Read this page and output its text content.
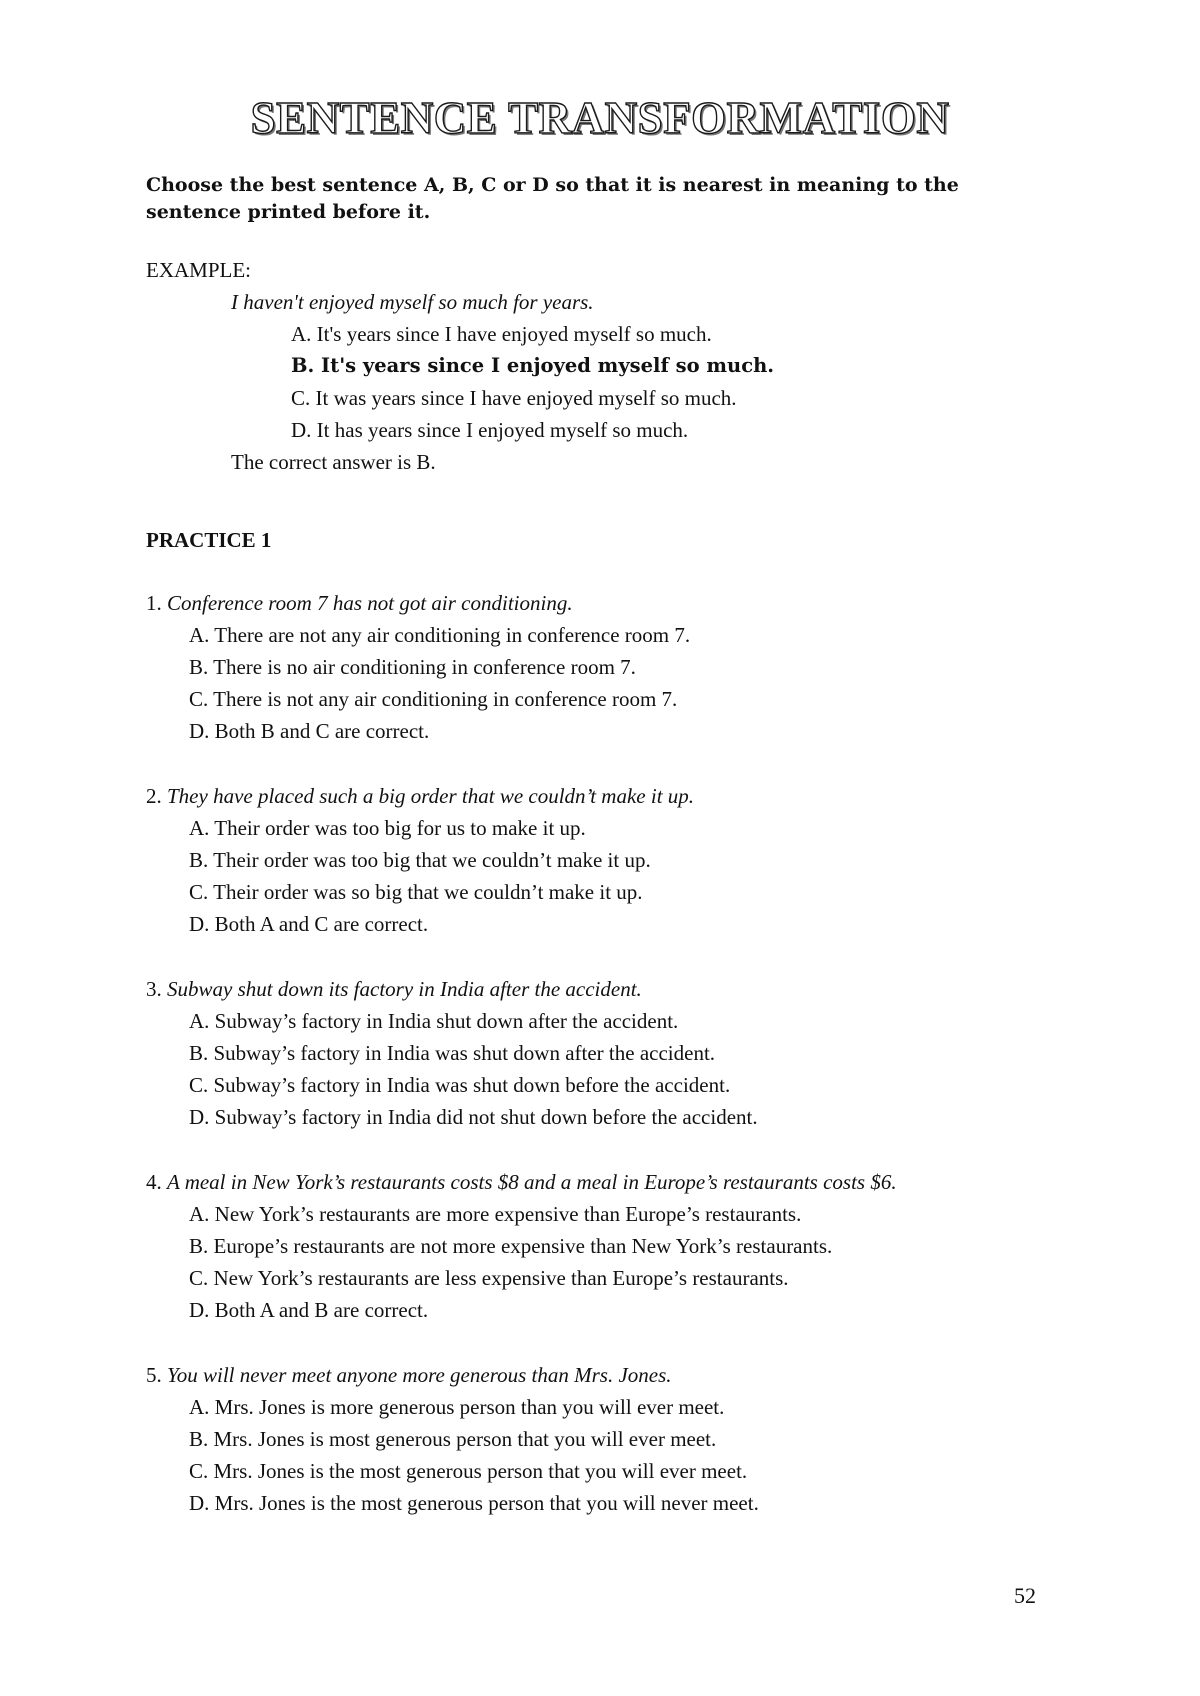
SENTENCE TRANSFORMATION

Choose the best sentence A, B, C or D so that it is nearest in meaning to the sentence printed before it.

EXAMPLE:

I haven't enjoyed myself so much for years.

A. It's years since I have enjoyed myself so much.

B. It's years since I enjoyed myself so much.

C. It was years since I have enjoyed myself so much.

D. It has years since I enjoyed myself so much.

The correct answer is B.

PRACTICE 1

1. Conference room 7 has not got air conditioning.

A. There are not any air conditioning in conference room 7.

B. There is no air conditioning in conference room 7.

C. There is not any air conditioning in conference room 7.

D. Both B and C are correct.

2. They have placed such a big order that we couldn’t make it up.

A. Their order was too big for us to make it up.

B. Their order was too big that we couldn’t make it up.

C. Their order was so big that we couldn’t make it up.

D. Both A and C are correct.

3. Subway shut down its factory in India after the accident.

A. Subway’s factory in India shut down after the accident.

B. Subway’s factory in India was shut down after the accident.

C. Subway’s factory in India was shut down before the accident.

D. Subway’s factory in India did not shut down before the accident.

4. A meal in New York’s restaurants costs $8 and a meal in Europe’s restaurants costs $6.

A. New York’s restaurants are more expensive than Europe’s restaurants.

B. Europe’s restaurants are not more expensive than New York’s restaurants.

C. New York’s restaurants are less expensive than Europe’s restaurants.

D. Both A and B are correct.

5. You will never meet anyone more generous than Mrs. Jones.

A. Mrs. Jones is more generous person than you will ever meet.

B. Mrs. Jones is most generous person that you will ever meet.

C. Mrs. Jones is the most generous person that you will ever meet.

D. Mrs. Jones is the most generous person that you will never meet.

52
